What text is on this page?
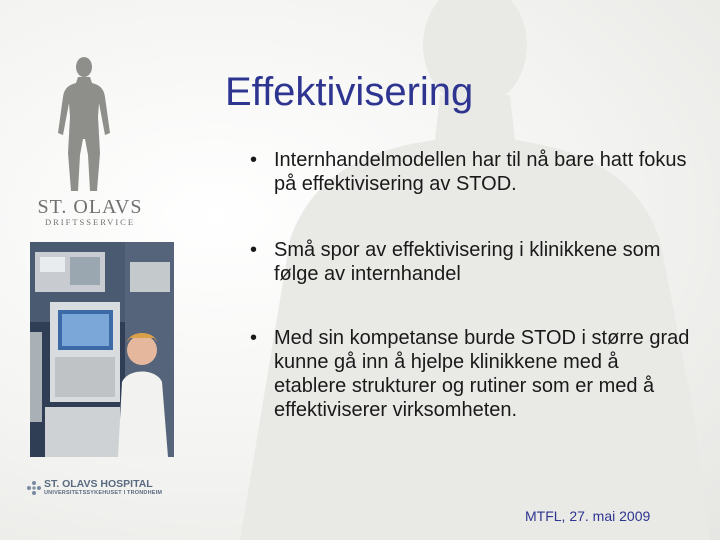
ST. OLAVS
DRIFTSSERVICE
Effektivisering
• Internhandelmodellen har til nå bare hatt fokus på effektivisering av STOD.
• Små spor av effektivisering i klinikkene som følge av internhandel
• Med sin kompetanse burde STOD i større grad kunne gå inn å hjelpe klinikkene med å etablere strukturer og rutiner som er med å effektiviserer virksomheten.
ST. OLAVS HOSPITAL
UNIVERSITETSSYKEHUSET I TRONDHEIM
MTFL, 27. mai 2009
